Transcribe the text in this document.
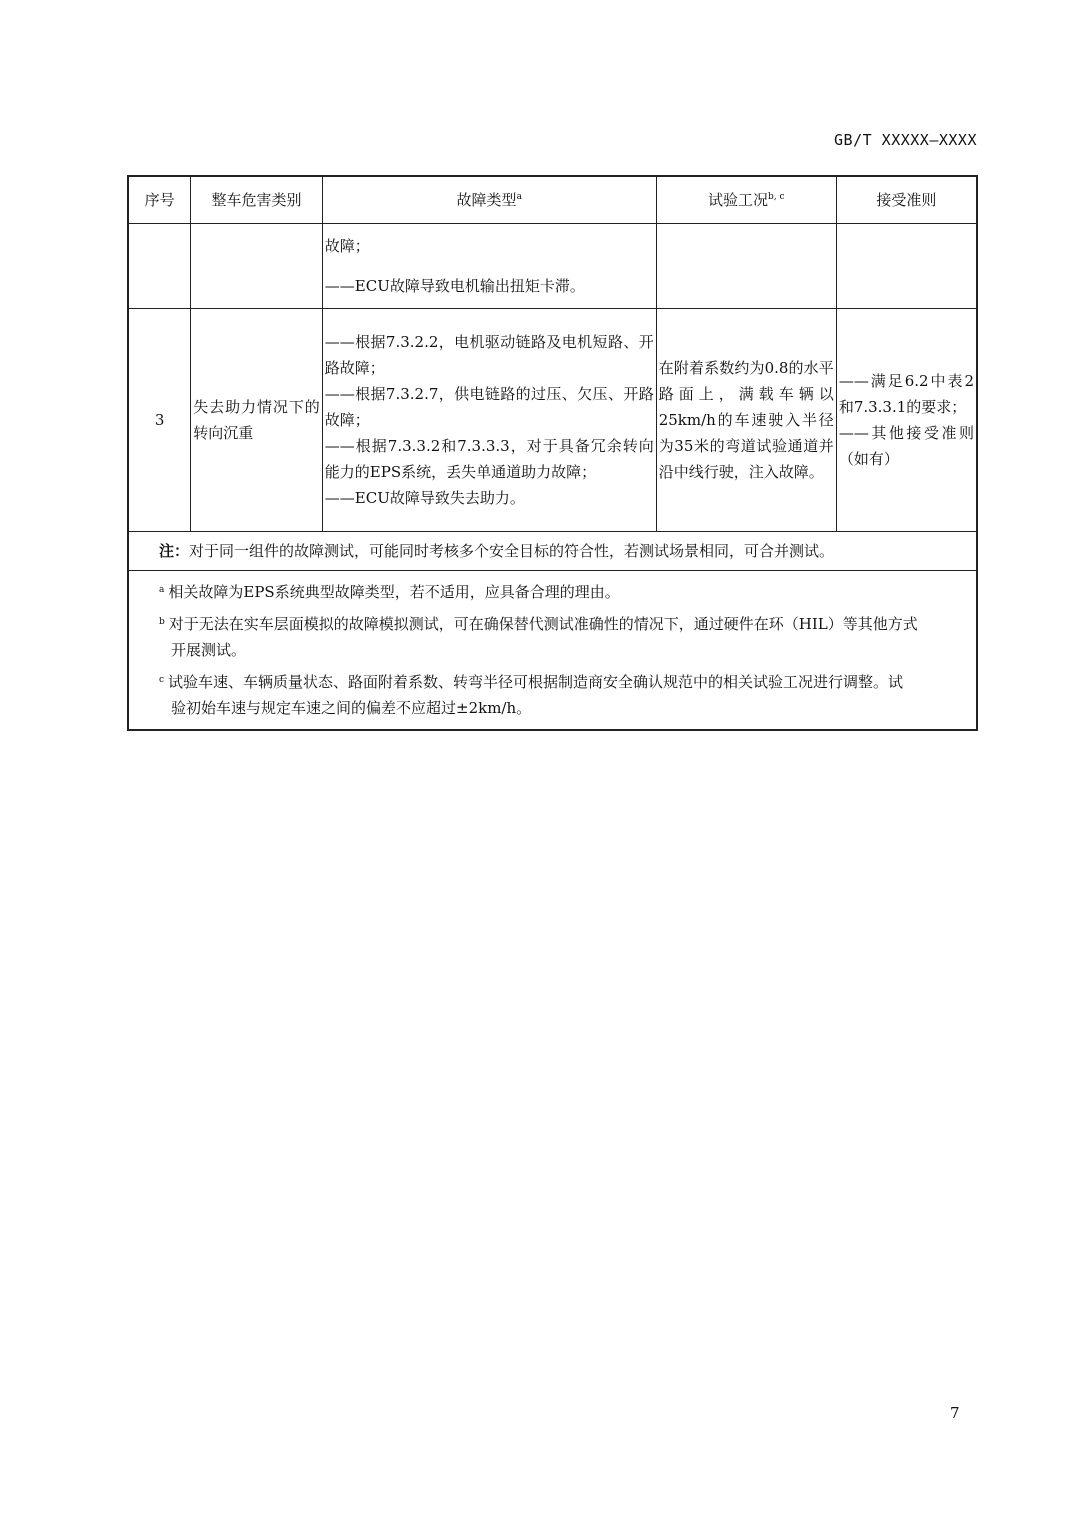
GB/T XXXXX—XXXX
序号	整车危害类别	故障类型$^a$	试验工况$^{b, c}$	接受准则

		故障；
——ECU故障导致电机输出扭矩卡滞。		

3	失去助力情况下的转向沉重	——根据7.3.2.2，电机驱动链路及电机短路、开路故障；
——根据7.3.2.7，供电链路的过压、欠压、开路故障；
——根据7.3.3.2和7.3.3.3，对于具备冗余转向能力的EPS系统，丢失单通道助力故障；
——ECU故障导致失去助力。	在附着系数约为0.8的水平路面上，满载车辆以25km/h的车速驶入半径为35米的弯道试验通道并沿中线行驶，注入故障。	——满足6.2中表2和7.3.3.1的要求；
——其他接受准则（如有）

注：对于同一组件的故障测试，可能同时考核多个安全目标的符合性，若测试场景相同，可合并测试。				

$^a$ 相关故障为EPS系统典型故障类型，若不适用，应具备合理的理由。
$^b$ 对于无法在实车层面模拟的故障模拟测试，可在确保替代测试准确性的情况下，通过硬件在环（HIL）等其他方式
开展测试。
$^c$ 试验车速、车辆质量状态、路面附着系数、转弯半径可根据制造商安全确认规范中的相关试验工况进行调整。试
验初始车速与规定车速之间的偏差不应超过±2km/h。				
7
